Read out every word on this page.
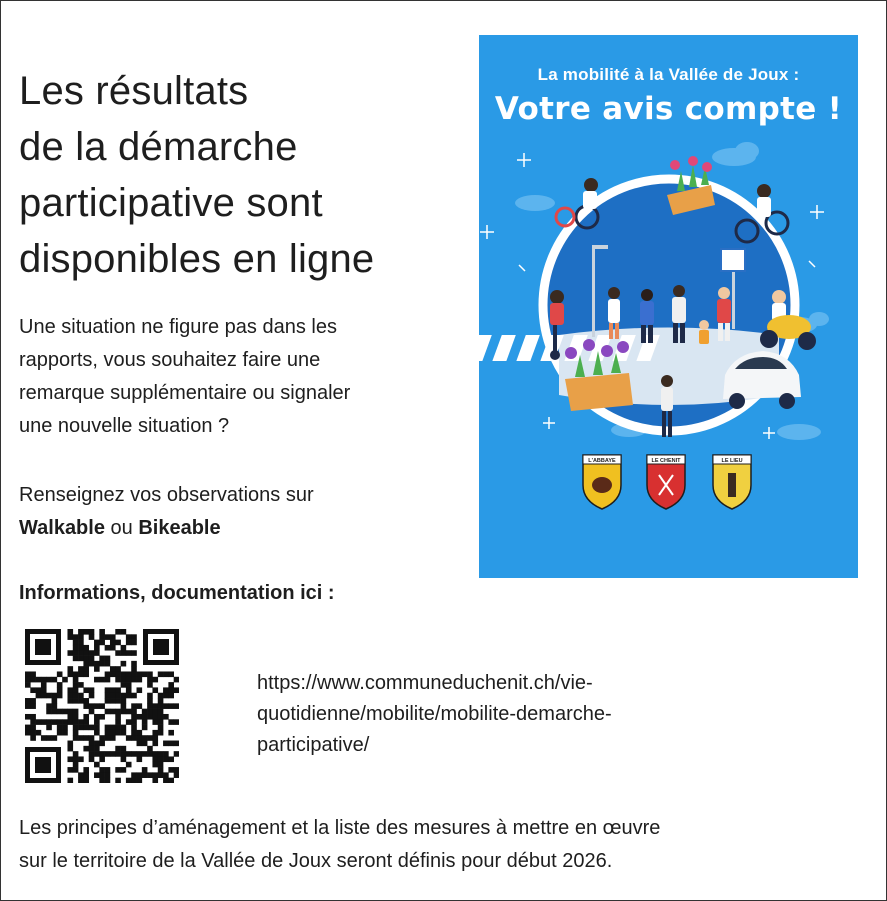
Les résultats
de la démarche
participative sont
disponibles en ligne

Une situation ne figure pas dans les
rapports, vous souhaitez faire une
remarque supplémentaire ou signaler
une nouvelle situation ?

Renseignez vos observations sur
Walkable ou Bikeable

Informations, documentation ici :

https://www.communeduchenit.ch/vie-
quotidienne/mobilite/mobilite-demarche-
participative/

Les principes d’aménagement et la liste des mesures à mettre en œuvre
sur le territoire de la Vallée de Joux seront définis pour début 2026.

L'ABBAYE	LE CHENIT	LE LIEU
La mobilité à la Vallée de Joux :
Votre avis compte !
